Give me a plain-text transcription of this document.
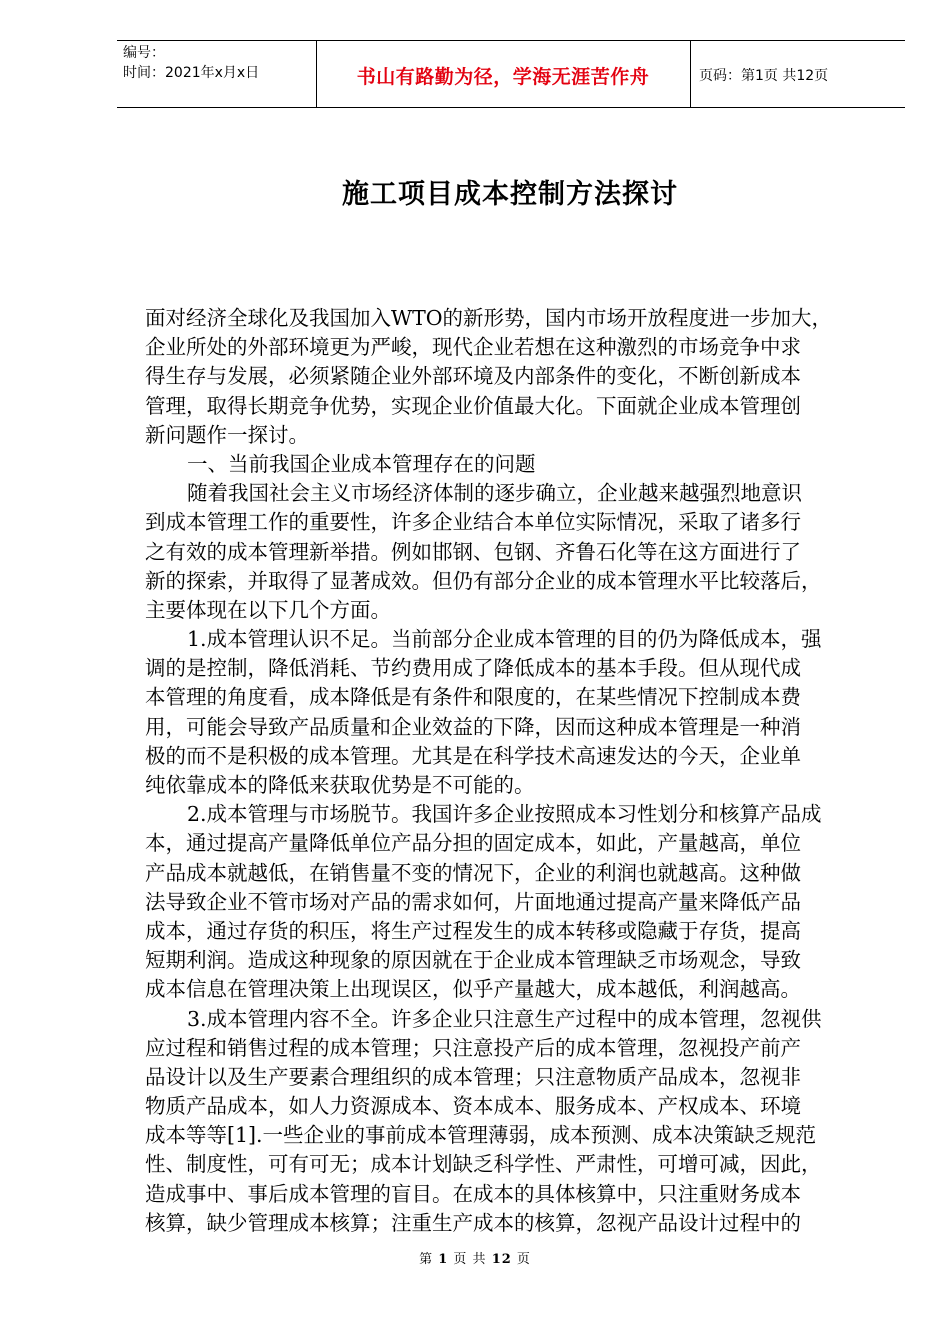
编号：
时间：2021年x月x日	书山有路勤为径，学海无涯苦作舟	页码：第1页 共12页
施工项目成本控制方法探讨
面对经济全球化及我国加入WTO的新形势，国内市场开放程度进一步加大，
企业所处的外部环境更为严峻，现代企业若想在这种激烈的市场竞争中求
得生存与发展，必须紧随企业外部环境及内部条件的变化，不断创新成本
管理，取得长期竞争优势，实现企业价值最大化。下面就企业成本管理创
新问题作一探讨。
一、当前我国企业成本管理存在的问题
随着我国社会主义市场经济体制的逐步确立，企业越来越强烈地意识
到成本管理工作的重要性，许多企业结合本单位实际情况，采取了诸多行
之有效的成本管理新举措。例如邯钢、包钢、齐鲁石化等在这方面进行了
新的探索，并取得了显著成效。但仍有部分企业的成本管理水平比较落后，
主要体现在以下几个方面。
1.成本管理认识不足。当前部分企业成本管理的目的仍为降低成本，强
调的是控制，降低消耗、节约费用成了降低成本的基本手段。但从现代成
本管理的角度看，成本降低是有条件和限度的，在某些情况下控制成本费
用，可能会导致产品质量和企业效益的下降，因而这种成本管理是一种消
极的而不是积极的成本管理。尤其是在科学技术高速发达的今天，企业单
纯依靠成本的降低来获取优势是不可能的。
2.成本管理与市场脱节。我国许多企业按照成本习性划分和核算产品成
本，通过提高产量降低单位产品分担的固定成本，如此，产量越高，单位
产品成本就越低，在销售量不变的情况下，企业的利润也就越高。这种做
法导致企业不管市场对产品的需求如何，片面地通过提高产量来降低产品
成本，通过存货的积压，将生产过程发生的成本转移或隐藏于存货，提高
短期利润。造成这种现象的原因就在于企业成本管理缺乏市场观念，导致
成本信息在管理决策上出现误区，似乎产量越大，成本越低，利润越高。
3.成本管理内容不全。许多企业只注意生产过程中的成本管理，忽视供
应过程和销售过程的成本管理；只注意投产后的成本管理，忽视投产前产
品设计以及生产要素合理组织的成本管理；只注意物质产品成本，忽视非
物质产品成本，如人力资源成本、资本成本、服务成本、产权成本、环境
成本等等[1].一些企业的事前成本管理薄弱，成本预测、成本决策缺乏规范
性、制度性，可有可无；成本计划缺乏科学性、严肃性，可增可减，因此，
造成事中、事后成本管理的盲目。在成本的具体核算中，只注重财务成本
核算，缺少管理成本核算；注重生产成本的核算，忽视产品设计过程中的
第 1 页 共 12 页
